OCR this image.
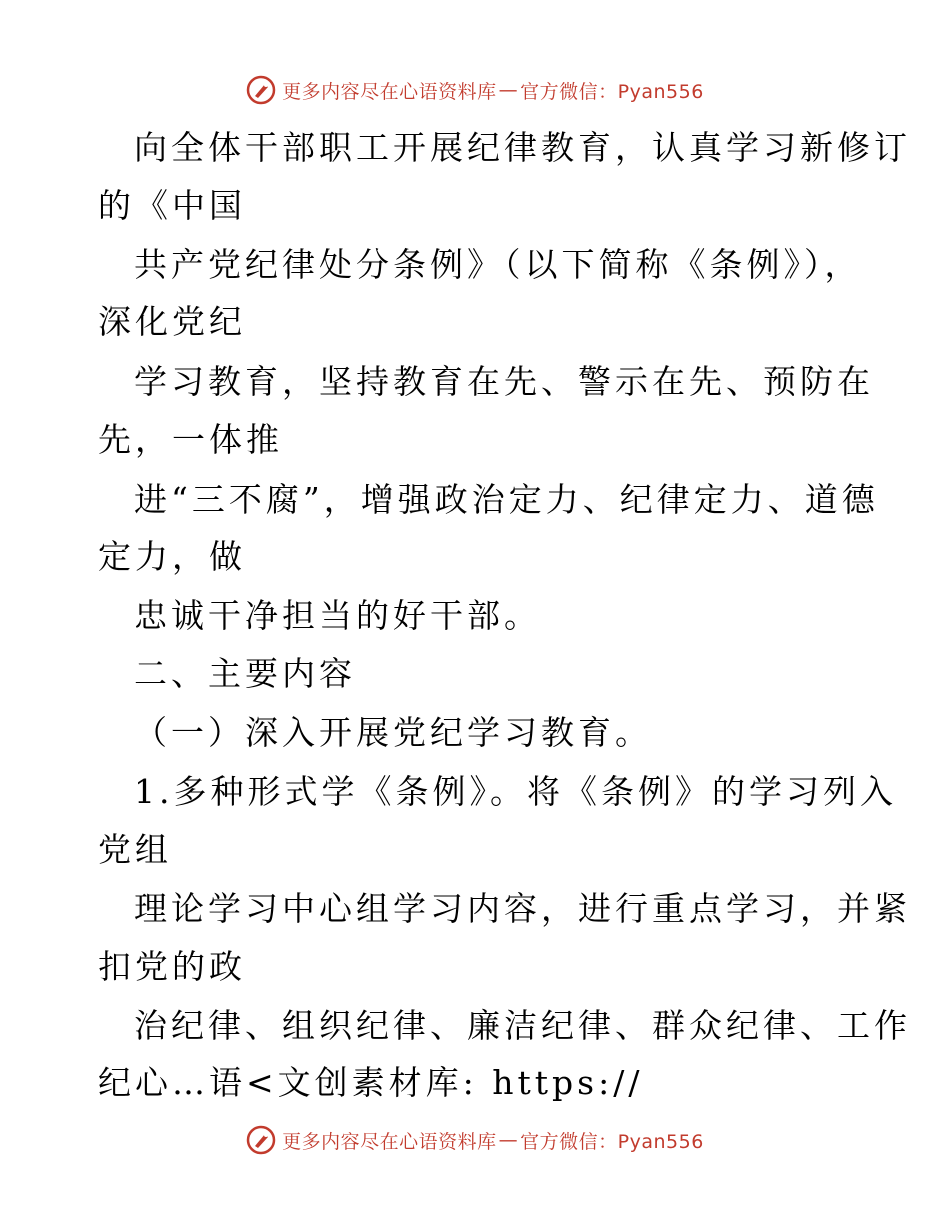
更多内容尽在心语资料库 — 官方微信：Pyan556
向全体干部职工开展纪律教育，认真学习新修订
的《中国
共产党纪律处分条例》（以下简称《条例》），
深化党纪
学习教育，坚持教育在先、警示在先、预防在
先，一体推
进“三不腐”，增强政治定力、纪律定力、道德
定力，做
忠诚干净担当的好干部。
二、主要内容
（一）深入开展党纪学习教育。
1.多种形式学《条例》。将《条例》的学习列入
党组
理论学习中心组学习内容，进行重点学习，并紧
扣党的政
治纪律、组织纪律、廉洁纪律、群众纪律、工作
纪心…语<文创素材库: https://
更多内容尽在心语资料库 — 官方微信：Pyan556
